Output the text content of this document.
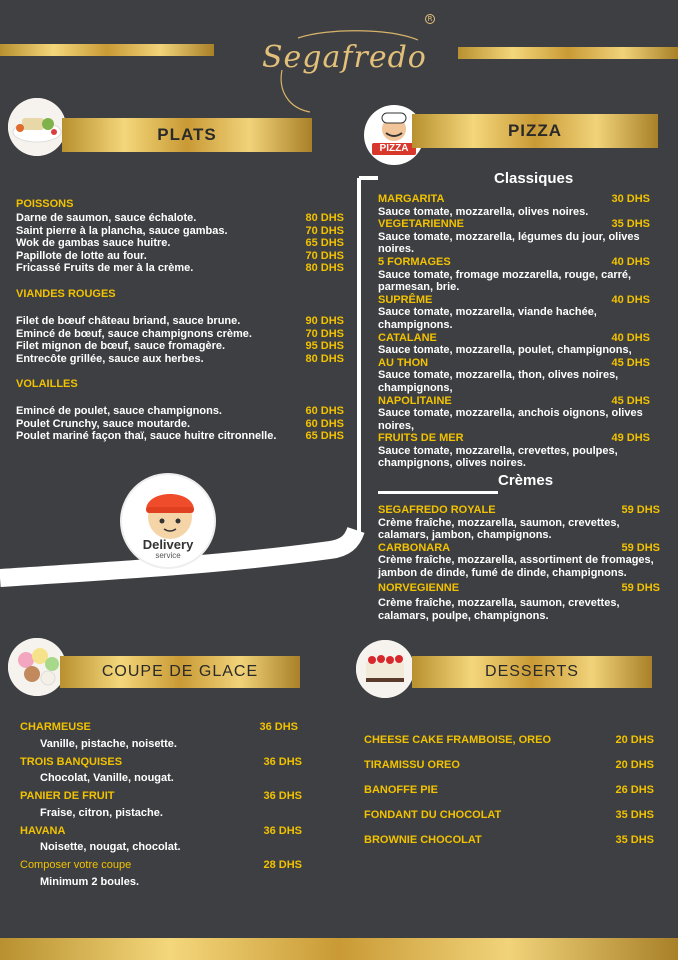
Segafredo
R
PLATS
POISSONS
Darne de saumon, sauce échalote.	80 DHS
Saint pierre à la plancha, sauce gambas.	70 DHS
Wok de gambas sauce huitre.	65 DHS
Papillote de lotte au four.	70 DHS
Fricassé Fruits de mer à la crème.	80 DHS
VIANDES ROUGES
Filet de bœuf château briand, sauce brune.	90 DHS
Emincé de bœuf, sauce champignons crème.	70 DHS
Filet mignon de bœuf, sauce fromagère.	95 DHS
Entrecôte grillée, sauce aux herbes.	80 DHS
VOLAILLES
Emincé de poulet, sauce champignons.	60 DHS
Poulet Crunchy, sauce moutarde.	60 DHS
Poulet mariné façon thaï, sauce huitre citronnelle.	65 DHS
Delivery
service
PIZZA
PIZZA
Classiques
MARGARITA	30 DHS
Sauce tomate, mozzarella, olives noires.
VEGETARIENNE	35 DHS
Sauce tomate, mozzarella, légumes du jour, olives noires.
5 FORMAGES	40 DHS
Sauce tomate, fromage mozzarella, rouge, carré, parmesan, brie.
SUPRÊME	40 DHS
Sauce tomate, mozzarella, viande hachée, champignons.
CATALANE	40 DHS
Sauce tomate, mozzarella, poulet, champignons,
AU THON	45 DHS
Sauce tomate, mozzarella, thon, olives noires, champignons,
NAPOLITAINE	45 DHS
Sauce tomate, mozzarella, anchois oignons, olives noires,
FRUITS DE MER	49 DHS
Sauce tomate, mozzarella, crevettes, poulpes, champignons, olives noires.
Crèmes
SEGAFREDO ROYALE	59 DHS
Crème fraîche, mozzarella, saumon, crevettes, calamars, jambon, champignons.
CARBONARA	59 DHS
Crème fraîche, mozzarella, assortiment de fromages, jambon de dinde, fumé de dinde, champignons.
NORVEGIENNE	59 DHS
Crème fraîche, mozzarella, saumon, crevettes, calamars, poulpe, champignons.
COUPE DE GLACE
CHARMEUSE	36 DHS
Vanille, pistache, noisette.
TROIS BANQUISES	36 DHS
Chocolat, Vanille, nougat.
PANIER DE FRUIT	36 DHS
Fraise, citron, pistache.
HAVANA	36 DHS
Noisette, nougat, chocolat.
Composer votre coupe	28 DHS
Minimum 2 boules.
DESSERTS
CHEESE CAKE FRAMBOISE, OREO	20 DHS
TIRAMISSU OREO	20 DHS
BANOFFE PIE	26 DHS
FONDANT DU CHOCOLAT	35 DHS
BROWNIE CHOCOLAT	35 DHS
